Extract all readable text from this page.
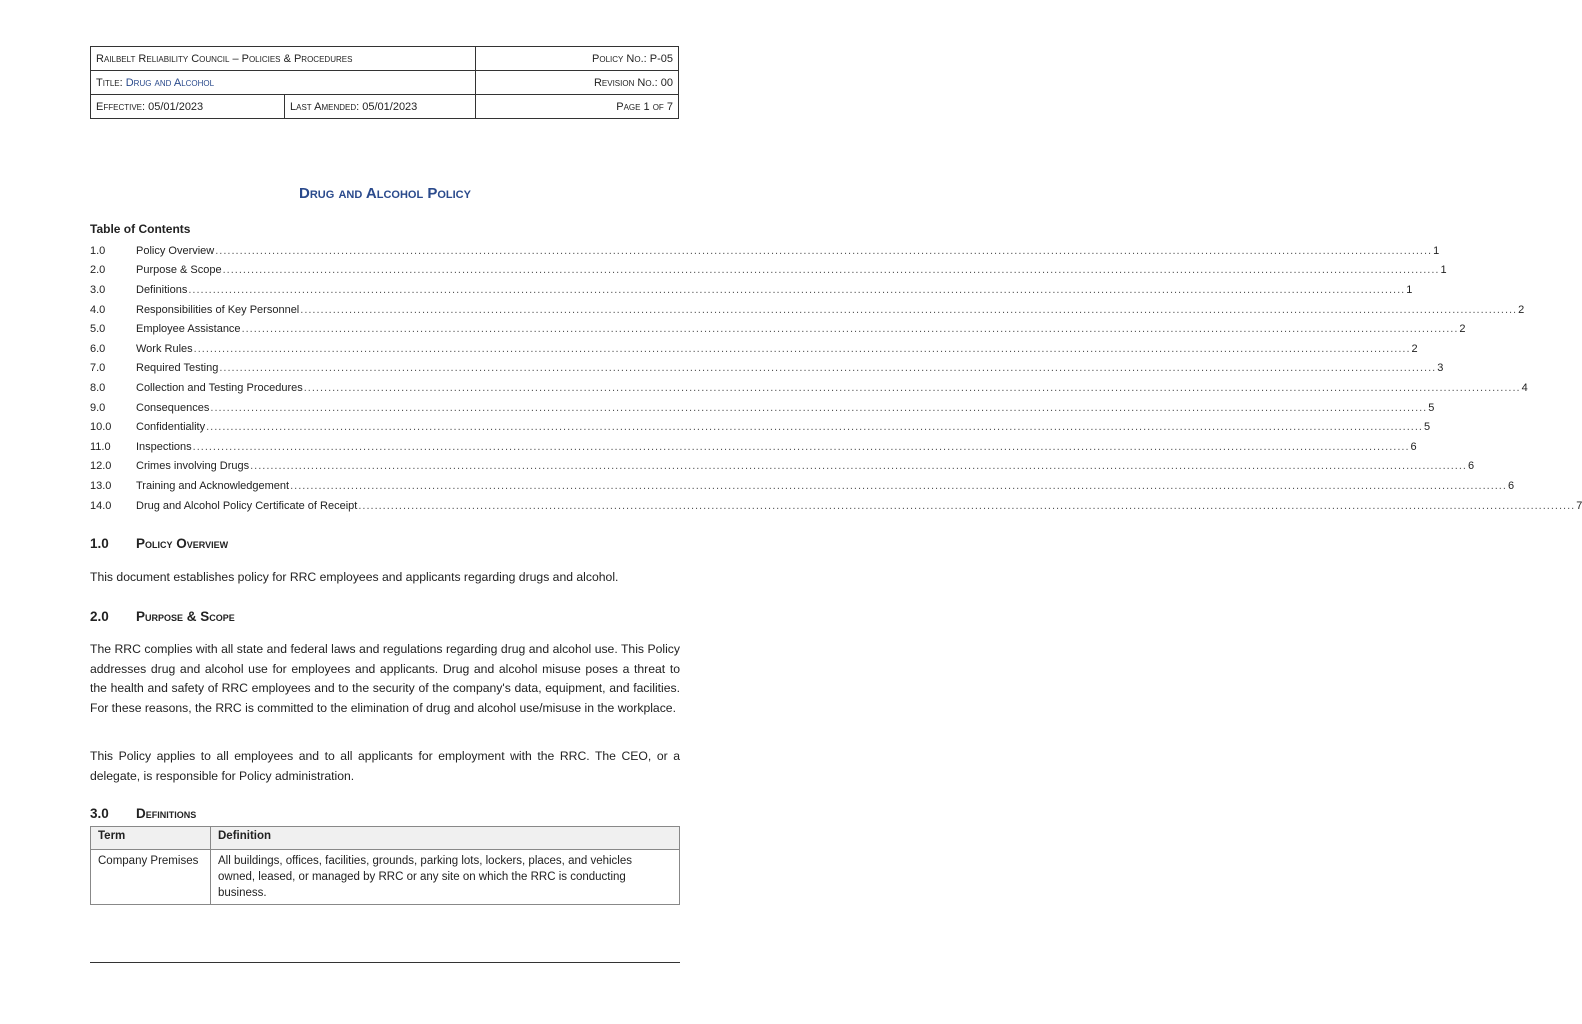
Railbelt Reliability Council – Policies & Procedures		Policy No.: P-05
Title: Drug and Alcohol		Revision No.: 00
Effective: 05/01/2023	Last Amended: 05/01/2023	Page 1 of 7
Drug and Alcohol Policy
Table of Contents
1.0	Policy Overview ............................................................................................................................................................................................................................................................................................................ 1
2.0	Purpose & Scope ............................................................................................................................................................................................................................................................................................................ 1
3.0	Definitions ............................................................................................................................................................................................................................................................................................................ 1
4.0	Responsibilities of Key Personnel ............................................................................................................................................................................................................................................................................................................ 2
5.0	Employee Assistance ............................................................................................................................................................................................................................................................................................................ 2
6.0	Work Rules ............................................................................................................................................................................................................................................................................................................ 2
7.0	Required Testing ............................................................................................................................................................................................................................................................................................................ 3
8.0	Collection and Testing Procedures ............................................................................................................................................................................................................................................................................................................ 4
9.0	Consequences ............................................................................................................................................................................................................................................................................................................ 5
10.0	Confidentiality ............................................................................................................................................................................................................................................................................................................ 5
11.0	Inspections ............................................................................................................................................................................................................................................................................................................ 6
12.0	Crimes involving Drugs ............................................................................................................................................................................................................................................................................................................ 6
13.0	Training and Acknowledgement ............................................................................................................................................................................................................................................................................................................ 6
14.0	Drug and Alcohol Policy Certificate of Receipt ............................................................................................................................................................................................................................................................................................................ 7
1.0	Policy Overview

This document establishes policy for RRC employees and applicants regarding drugs and alcohol.

2.0	Purpose & Scope

The RRC complies with all state and federal laws and regulations regarding drug and alcohol use. This Policy addresses drug and alcohol use for employees and applicants. Drug and alcohol misuse poses a threat to the health and safety of RRC employees and to the security of the company's data, equipment, and facilities. For these reasons, the RRC is committed to the elimination of drug and alcohol use/misuse in the workplace.

This Policy applies to all employees and to all applicants for employment with the RRC. The CEO, or a delegate, is responsible for Policy administration.

3.0	Definitions
Term	Definition
Company Premises	All buildings, offices, facilities, grounds, parking lots, lockers, places, and vehicles owned, leased, or managed by RRC or any site on which the RRC is conducting business.
